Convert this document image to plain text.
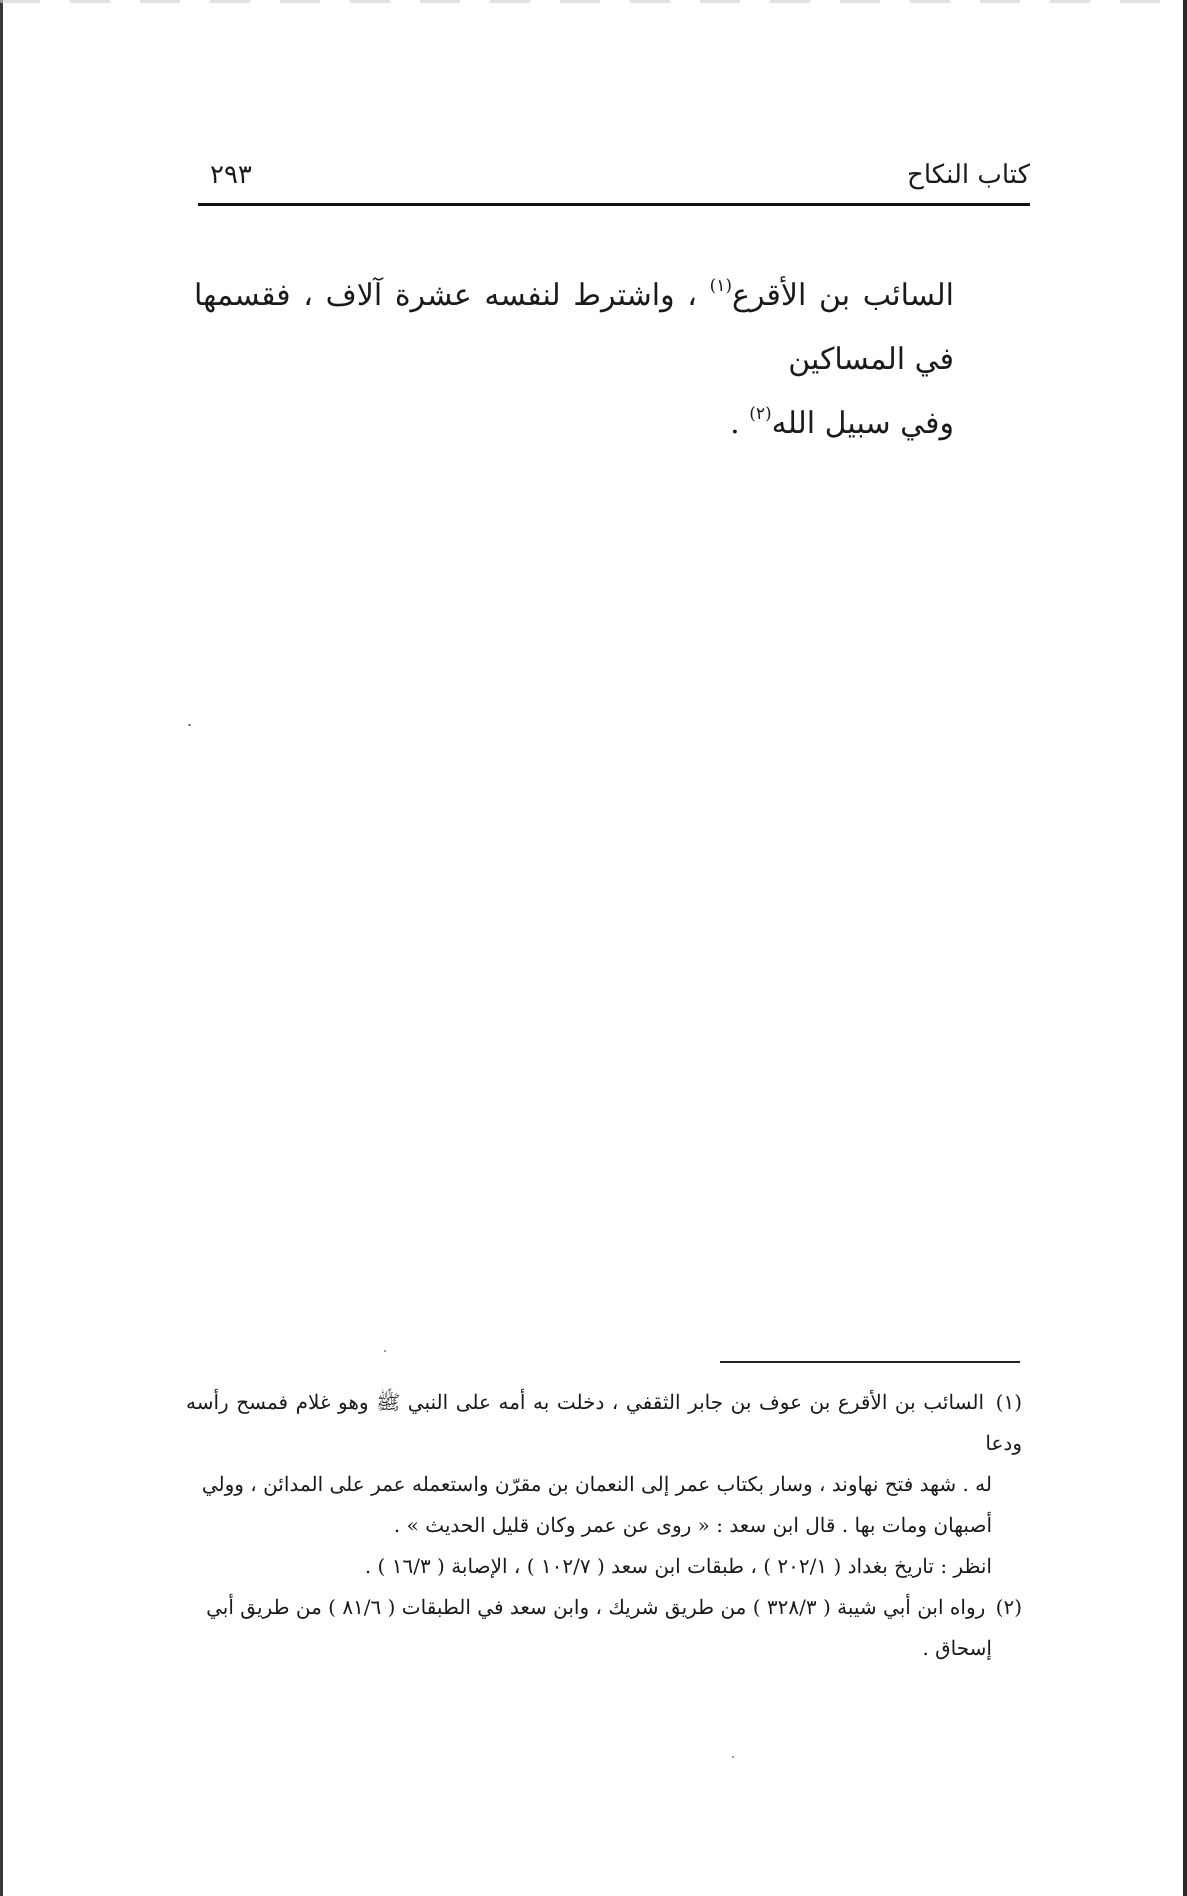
كتاب النكاح
٢٩٣

السائب بن الأقرع$^{(١)}$ ، واشترط لنفسه عشرة آلاف ، فقسمها في المساكين

وفي سبيل الله$^{(٢)}$ .

(١) السائب بن الأقرع بن عوف بن جابر الثقفي ، دخلت به أمه على النبي ﷺ وهو غلام فمسح رأسه ودعا
له . شهد فتح نهاوند ، وسار بكتاب عمر إلى النعمان بن مقرّن واستعمله عمر على المدائن ، وولي
أصبهان ومات بها . قال ابن سعد : « روى عن عمر وكان قليل الحديث » .
انظر : تاريخ بغداد ( ٢٠٢/١ ) ، طبقات ابن سعد ( ١٠٢/٧ ) ، الإصابة ( ١٦/٣ ) .
(٢) رواه ابن أبي شيبة ( ٣٢٨/٣ ) من طريق شريك ، وابن سعد في الطبقات ( ٨١/٦ ) من طريق أبي
إسحاق .
